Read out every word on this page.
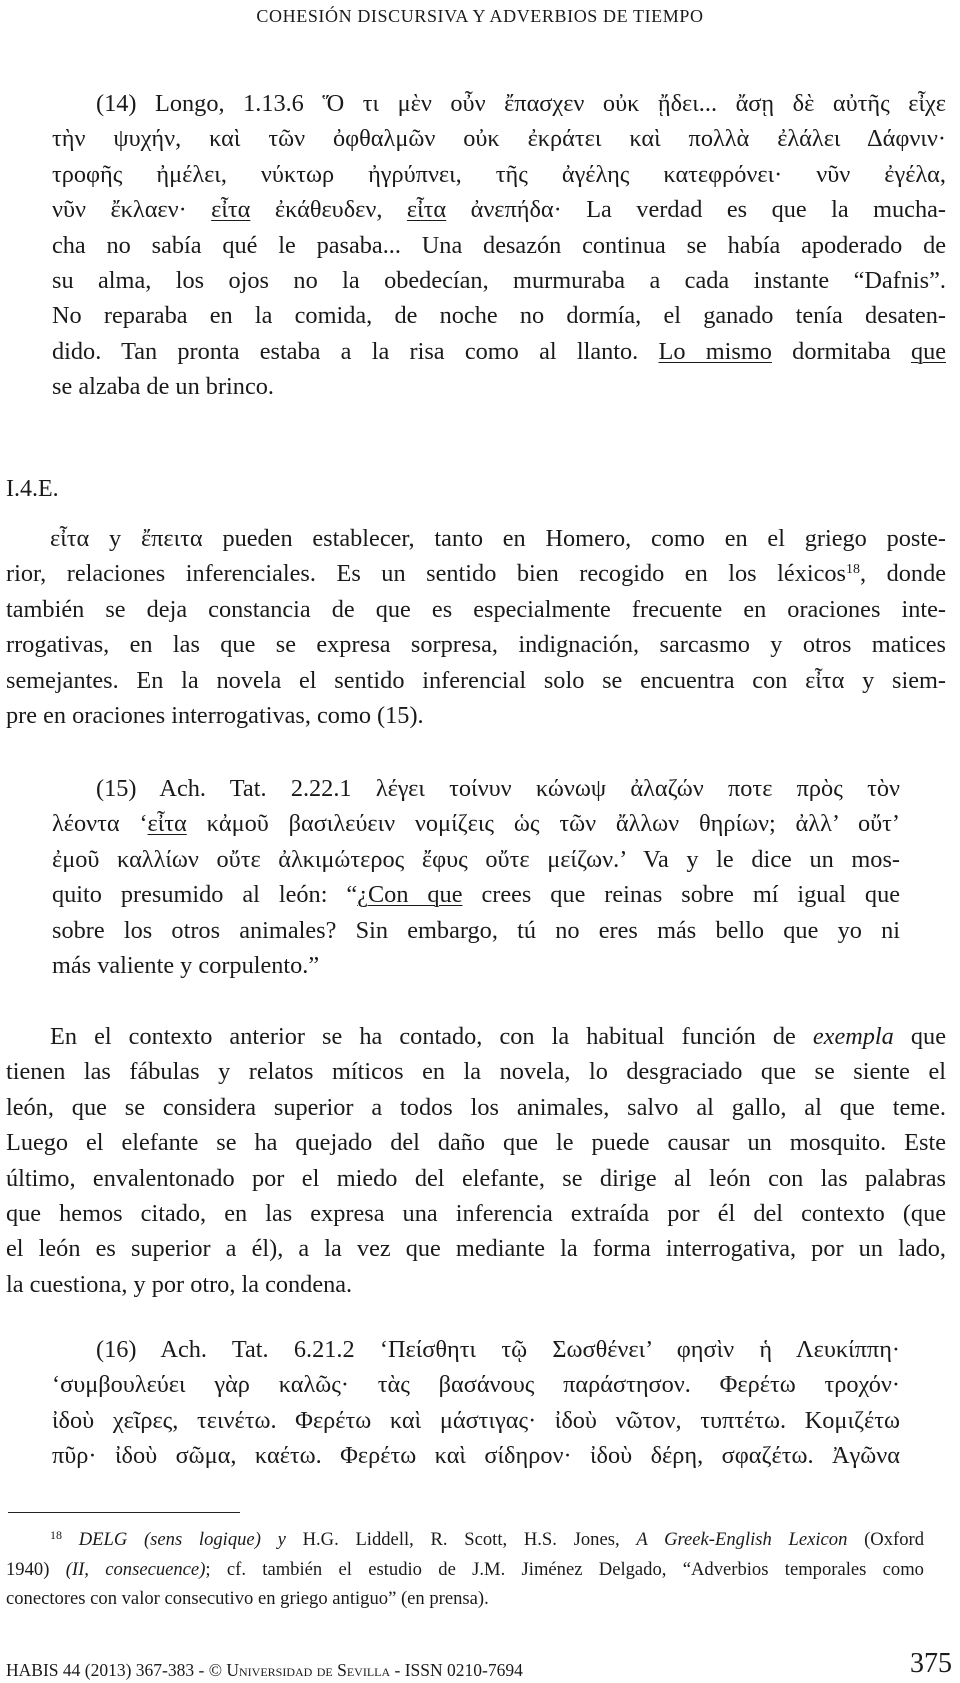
COHESIÓN DISCURSIVA Y ADVERBIOS DE TIEMPO
(14) Longo, 1.13.6 Ὅ τι μὲν οὖν ἔπασχεν οὐκ ᾔδει... ἄσῃ δὲ αὐτῆς εἶχε
τὴν ψυχήν, καὶ τῶν ὀφθαλμῶν οὐκ ἐκράτει καὶ πολλὰ ἐλάλει Δάφνιν·
τροφῆς ἠμέλει, νύκτωρ ἠγρύπνει, τῆς ἀγέλης κατεφρόνει· νῦν ἐγέλα,
νῦν ἔκλαεν· εἶτα ἐκάθευδεν, εἶτα ἀνεπήδα· La verdad es que la mucha-
cha no sabía qué le pasaba... Una desazón continua se había apoderado de
su alma, los ojos no la obedecían, murmuraba a cada instante “Dafnis”.
No reparaba en la comida, de noche no dormía, el ganado tenía desaten-
dido. Tan pronta estaba a la risa como al llanto. Lo mismo dormitaba que
se alzaba de un brinco.
I.4.E.
εἶτα y ἔπειτα pueden establecer, tanto en Homero, como en el griego poste-
rior, relaciones inferenciales. Es un sentido bien recogido en los léxicos$^{18}$, donde
también se deja constancia de que es especialmente frecuente en oraciones inte-
rrogativas, en las que se expresa sorpresa, indignación, sarcasmo y otros matices
semejantes. En la novela el sentido inferencial solo se encuentra con εἶτα y siem-
pre en oraciones interrogativas, como (15).
(15) Ach. Tat. 2.22.1 λέγει τοίνυν κώνωψ ἀλαζών ποτε πρὸς τὸν
λέοντα ‘εἶτα κἀμοῦ βασιλεύειν νομίζεις ὡς τῶν ἄλλων θηρίων; ἀλλ’ οὔτ’
ἐμοῦ καλλίων οὔτε ἀλκιμώτερος ἔφυς οὔτε μείζων.’ Va y le dice un mos-
quito presumido al león: “¿Con que crees que reinas sobre mí igual que
sobre los otros animales? Sin embargo, tú no eres más bello que yo ni
más valiente y corpulento.”
En el contexto anterior se ha contado, con la habitual función de exempla que
tienen las fábulas y relatos míticos en la novela, lo desgraciado que se siente el
león, que se considera superior a todos los animales, salvo al gallo, al que teme.
Luego el elefante se ha quejado del daño que le puede causar un mosquito. Este
último, envalentonado por el miedo del elefante, se dirige al león con las palabras
que hemos citado, en las expresa una inferencia extraída por él del contexto (que
el león es superior a él), a la vez que mediante la forma interrogativa, por un lado,
la cuestiona, y por otro, la condena.
(16) Ach. Tat. 6.21.2 ‘Πείσθητι τῷ Σωσθένει’ φησὶν ἡ Λευκίππη·
‘συμβουλεύει γὰρ καλῶς· τὰς βασάνους παράστησον. Φερέτω τροχόν·
ἰδοὺ χεῖρες, τεινέτω. Φερέτω καὶ μάστιγας· ἰδοὺ νῶτον, τυπτέτω. Κομιζέτω
πῦρ· ἰδοὺ σῶμα, καέτω. Φερέτω καὶ σίδηρον· ἰδοὺ δέρη, σφαζέτω. Ἀγῶνα
$^{18}$ DELG (sens logique) y H.G. Liddell, R. Scott, H.S. Jones, A Greek-English Lexicon (Oxford
1940) (II, consecuence); cf. también el estudio de J.M. Jiménez Delgado, “Adverbios temporales como
conectores con valor consecutivo en griego antiguo” (en prensa).
HABIS 44 (2013) 367-383 - © Universidad de Sevilla - ISSN 0210-7694	375
